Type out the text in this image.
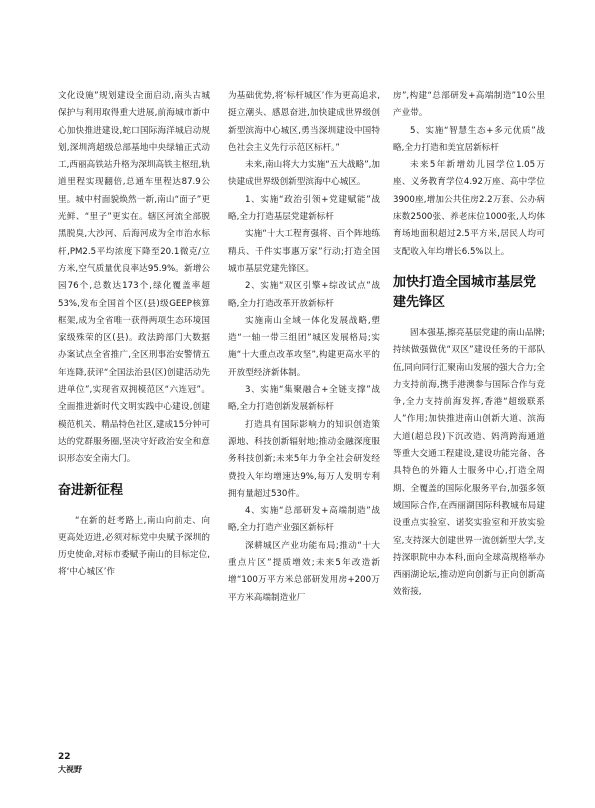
文化设施”规划建设全面启动,南头古城保护与利用取得重大进展,前海城市新中心加快推进建设,蛇口国际海洋城启动规划,深圳湾超级总部基地中央绿轴正式动工,西丽高铁站升格为深圳高铁主枢纽,轨道里程实现翻倍,总通车里程达87.9公里。城中村面貌焕然一新,南山“面子”更光鲜、“里子”更实在。辖区河流全部脱黑脱臭,大沙河、后海河成为全市治水标杆,PM2.5平均浓度下降至20.1微克/立方米,空气质量优良率达95.9%。新增公园76个,总数达173个,绿化覆盖率超53%,发布全国首个区(县)级GEEP核算框架,成为全省唯一获得两项生态环境国家级殊荣的区(县)。政法跨部门大数据办案试点全省推广,全区刑事治安警情五年连降,获评“全国法治县(区)创建活动先进单位”,实现省双拥模范区“六连冠”。全面推进新时代文明实践中心建设,创建模范机关、精品特色社区,建成15分钟可达的党群服务圈,坚决守好政治安全和意识形态安全南大门。

奋进新征程

“在新的赶考路上,南山向前走、向更高处迈进,必须对标党中央赋予深圳的历史使命,对标市委赋予南山的目标定位,将‘中心城区’作

为基础优势,将‘标杆城区’作为更高追求,挺立潮头、感恩奋进,加快建成世界级创新型滨海中心城区,勇当深圳建设中国特色社会主义先行示范区标杆。”

未来,南山将大力实施“五大战略”,加快建成世界级创新型滨海中心城区。

1、实施“政治引领+党建赋能”战略,全力打造基层党建新标杆

实施“十大工程育强将、百个阵地练精兵、千件实事惠万家”行动;打造全国城市基层党建先锋区。

2、实施“双区引擎+综改试点”战略,全力打造改革开放新标杆

实施南山全域一体化发展战略,塑造“一轴一带三组团”城区发展格局;实施“十大重点改革攻坚”,构建更高水平的开放型经济新体制。

3、实施“集聚融合+全链支撑”战略,全力打造创新发展新标杆

打造具有国际影响力的知识创造策源地、科技创新辐射地;推动金融深度服务科技创新;未来5年力争全社会研发经费投入年均增速达9%,每万人发明专利拥有量超过530件。

4、实施“总部研发+高端制造”战略,全力打造产业强区新标杆

深耕城区产业功能布局;推动“十大重点片区”提质增效;未来5年改造新增“100万平方米总部研发用房+200万平方米高端制造业厂

房”,构建“总部研发+高端制造”10公里产业带。

5、实施“智慧生态+多元优质”战略,全力打造和美宜居新标杆

未来5年新增幼儿园学位1.05万座、义务教育学位4.92万座、高中学位3900座,增加公共住房2.2万套、公办病床数2500张、养老床位1000张,人均体育场地面积超过2.5平方米,居民人均可支配收入年均增长6.5%以上。

加快打造全国城市基层党建先锋区

固本强基,擦亮基层党建的南山品牌;持续做强做优“双区”建设任务的干部队伍,同向同行汇聚南山发展的强大合力;全力支持前海,携手港澳参与国际合作与竞争,全力支持前海发挥,香港“超级联系人”作用;加快推进南山创新大道、滨海大道(超总段)下沉改造、妈湾跨海通道等重大交通工程建设,建设功能完备、各具特色的外籍人士服务中心,打造全周期、全覆盖的国际化服务平台,加强多领域国际合作,在西丽湖国际科教城布局建设重点实验室、诺奖实验室和开放实验室,支持深大创建世界一流创新型大学,支持深职院申办本科,面向全球高规格举办西丽湖论坛,推动逆向创新与正向创新高效衔接,

22
大视野
